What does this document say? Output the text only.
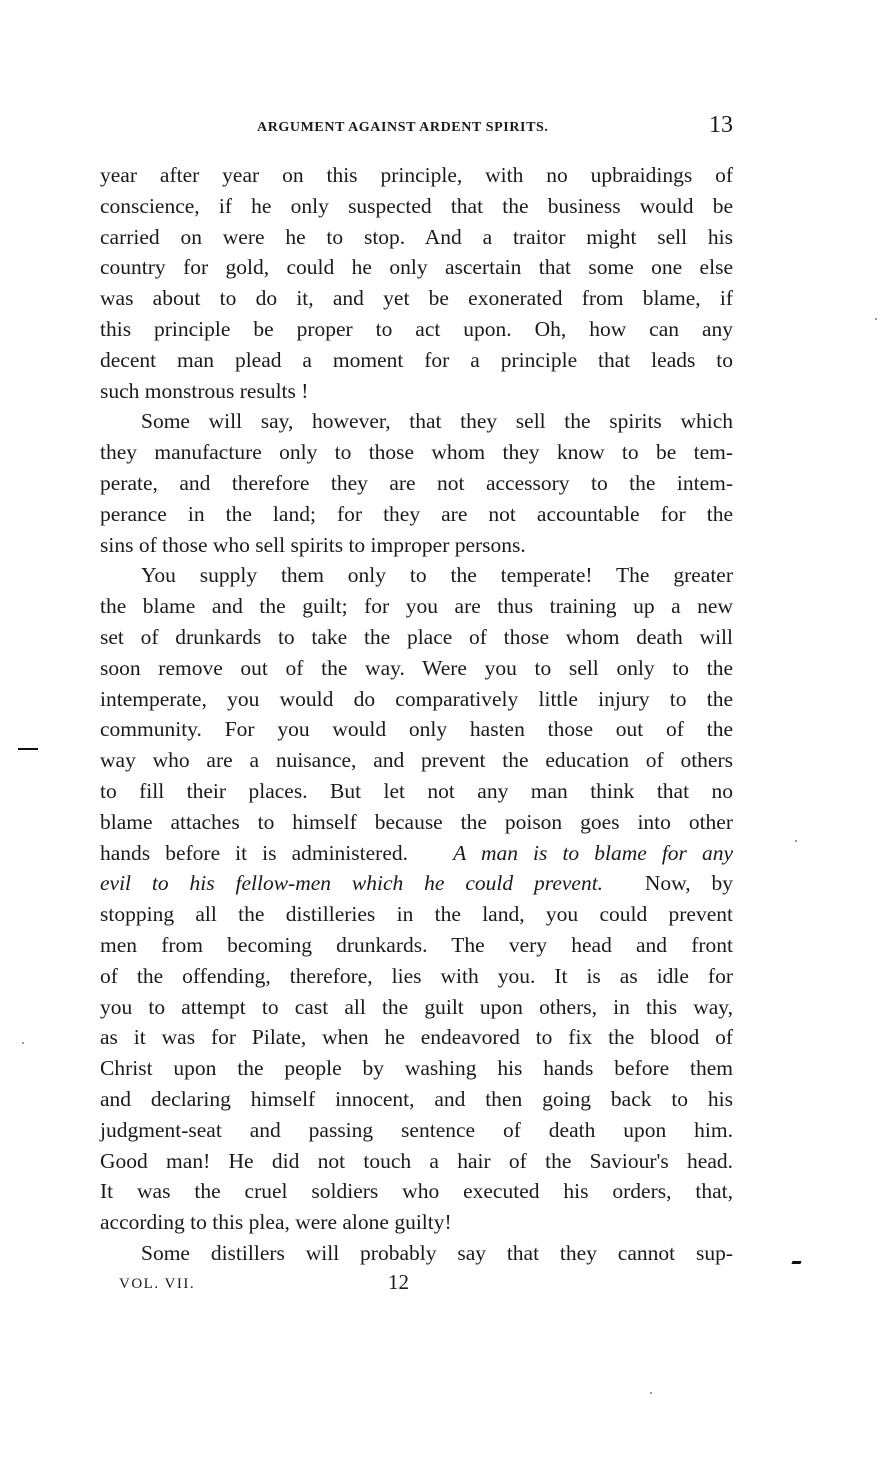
ARGUMENT AGAINST ARDENT SPIRITS.	13
year after year on this principle, with no upbraidings of
conscience, if he only suspected that the business would be
carried on were he to stop. And a traitor might sell his
country for gold, could he only ascertain that some one else
was about to do it, and yet be exonerated from blame, if
this principle be proper to act upon. Oh, how can any
decent man plead a moment for a principle that leads to
such monstrous results !
Some will say, however, that they sell the spirits which
they manufacture only to those whom they know to be tem-
perate, and therefore they are not accessory to the intem-
perance in the land; for they are not accountable for the
sins of those who sell spirits to improper persons.
You supply them only to the temperate! The greater
the blame and the guilt; for you are thus training up a new
set of drunkards to take the place of those whom death will
soon remove out of the way. Were you to sell only to the
intemperate, you would do comparatively little injury to the
community. For you would only hasten those out of the
way who are a nuisance, and prevent the education of others
to fill their places. But let not any man think that no
blame attaches to himself because the poison goes into other
hands before it is administered. A man is to blame for any
evil to his fellow-men which he could prevent. Now, by
stopping all the distilleries in the land, you could prevent
men from becoming drunkards. The very head and front
of the offending, therefore, lies with you. It is as idle for
you to attempt to cast all the guilt upon others, in this way,
as it was for Pilate, when he endeavored to fix the blood of
Christ upon the people by washing his hands before them
and declaring himself innocent, and then going back to his
judgment-seat and passing sentence of death upon him.
Good man! He did not touch a hair of the Saviour's head.
It was the cruel soldiers who executed his orders, that,
according to this plea, were alone guilty!
Some distillers will probably say that they cannot sup-
VOL. VII.	12
